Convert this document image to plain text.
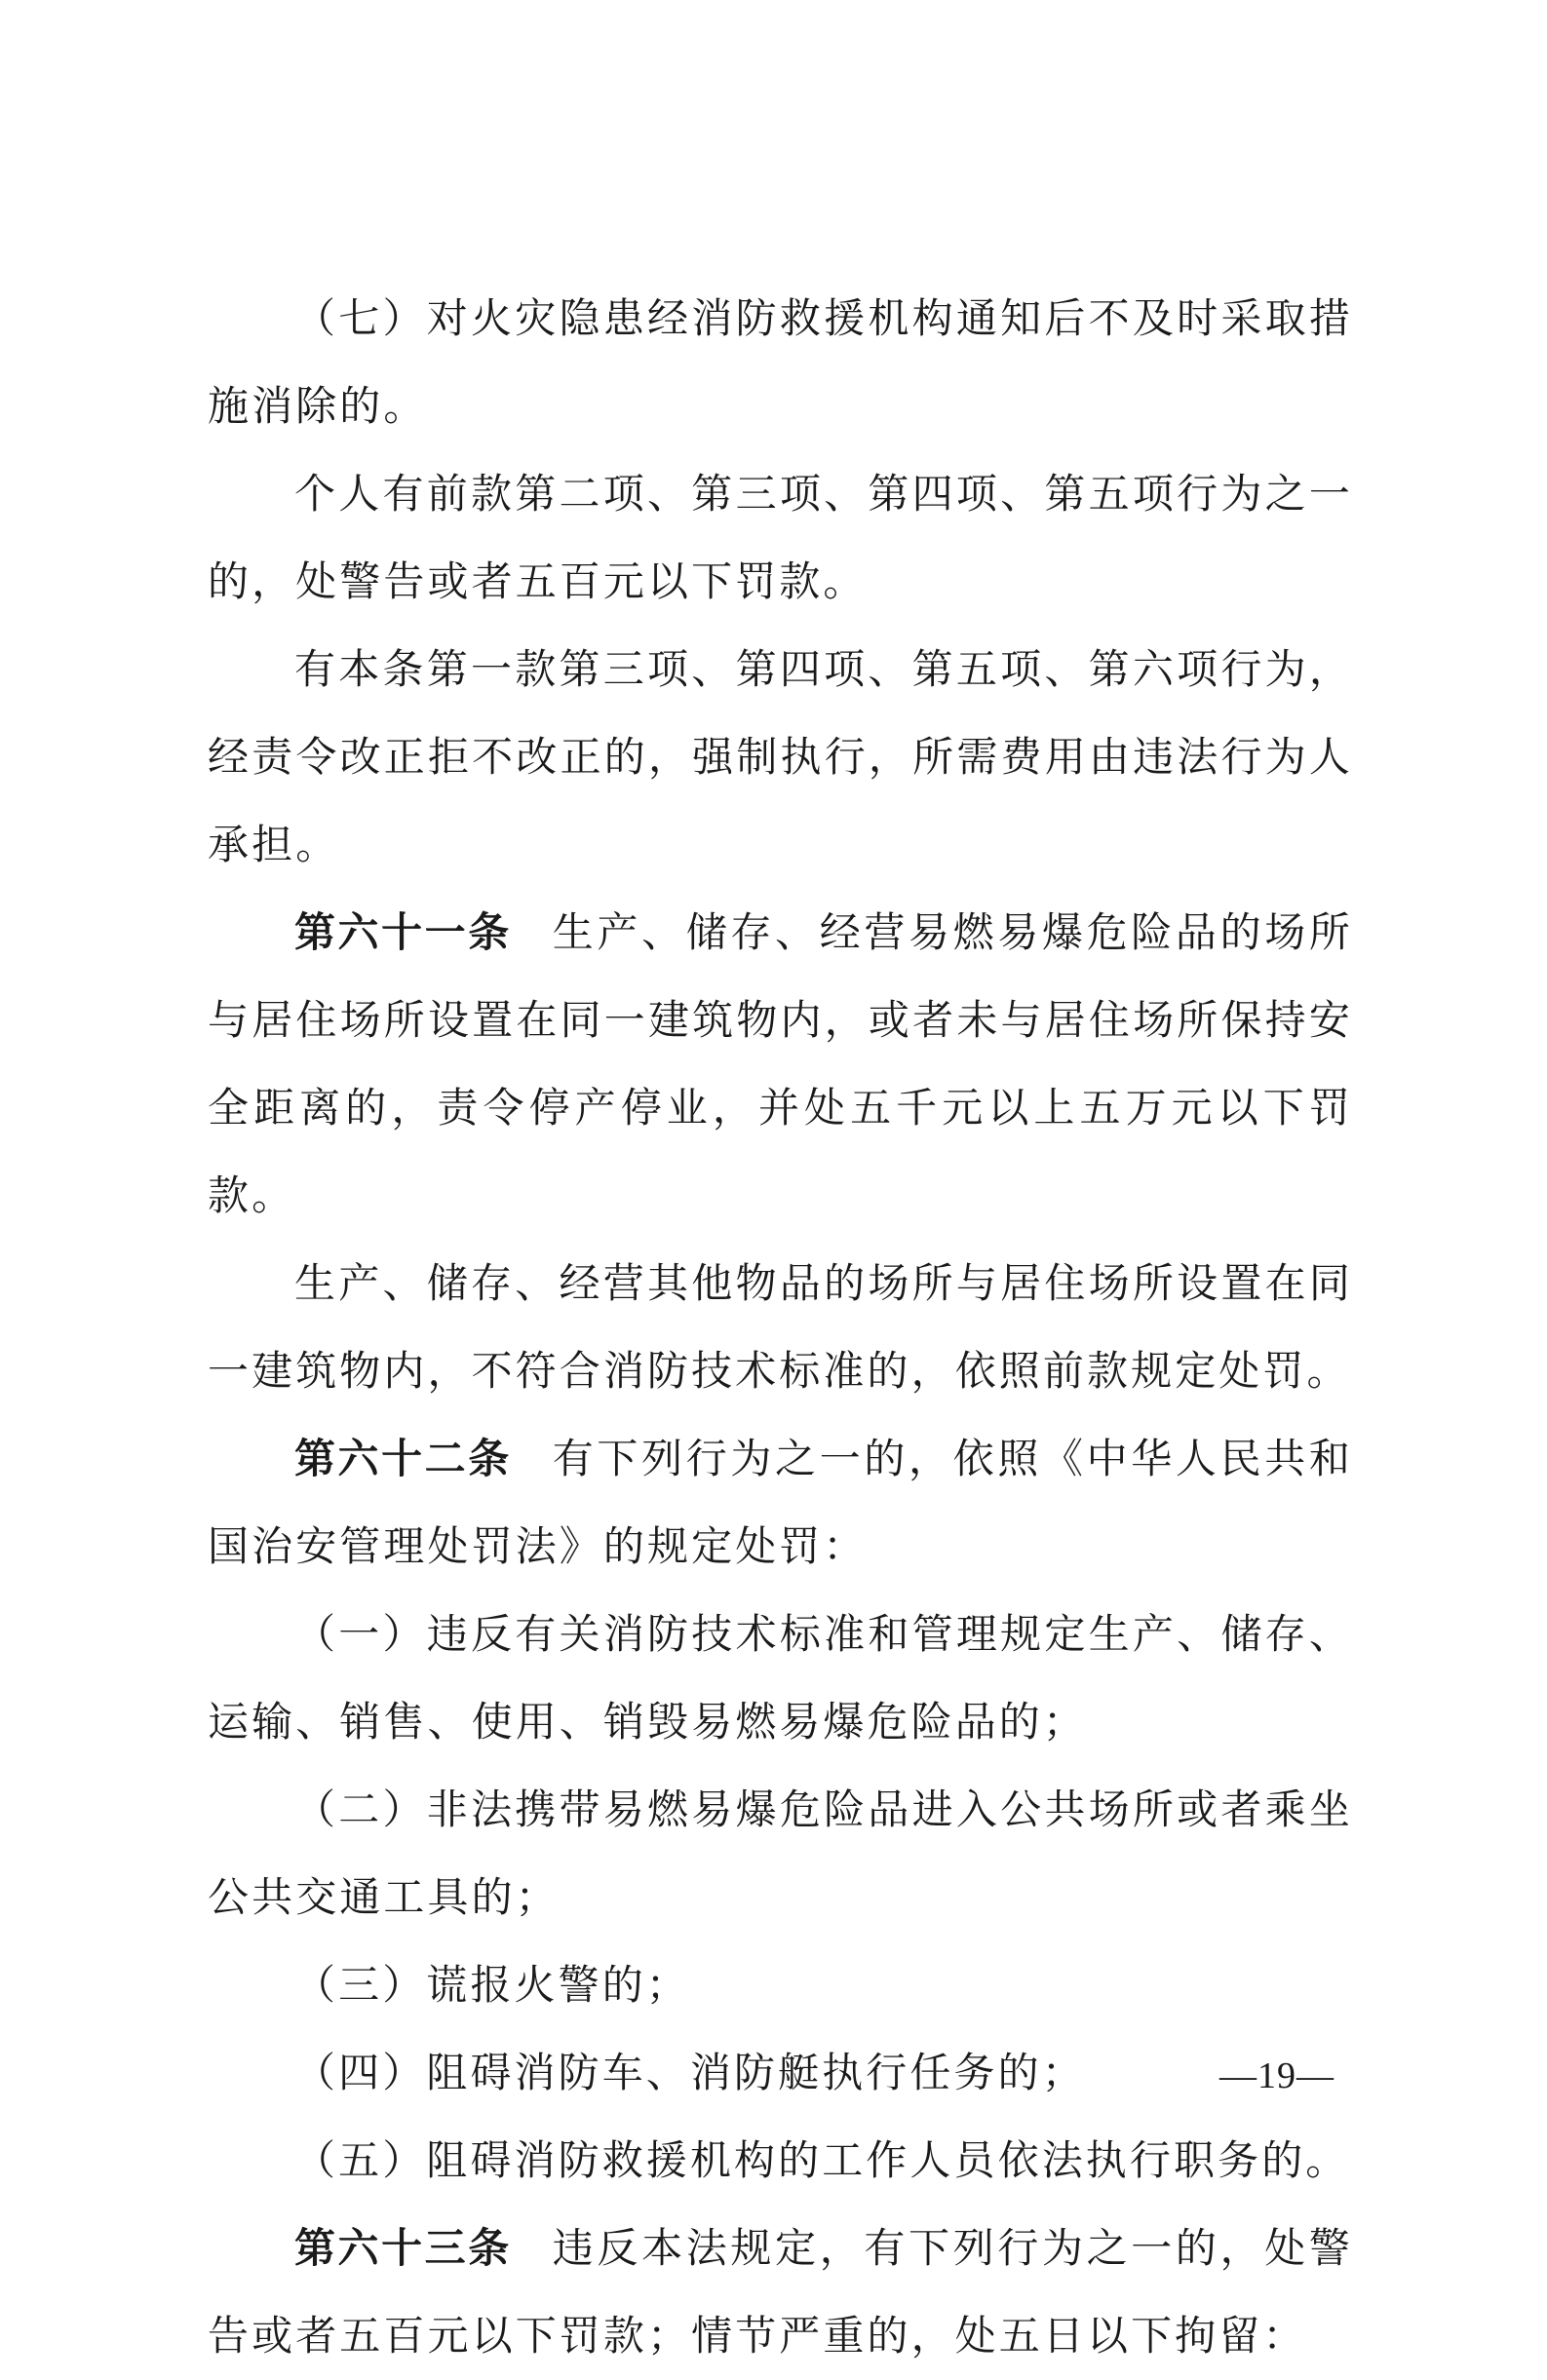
（七）对火灾隐患经消防救援机构通知后不及时采取措施消除的。

个人有前款第二项、第三项、第四项、第五项行为之一的，处警告或者五百元以下罚款。

有本条第一款第三项、第四项、第五项、第六项行为，经责令改正拒不改正的，强制执行，所需费用由违法行为人承担。

第六十一条 生产、储存、经营易燃易爆危险品的场所与居住场所设置在同一建筑物内，或者未与居住场所保持安全距离的，责令停产停业，并处五千元以上五万元以下罚款。

生产、储存、经营其他物品的场所与居住场所设置在同一建筑物内，不符合消防技术标准的，依照前款规定处罚。

第六十二条 有下列行为之一的，依照《中华人民共和国治安管理处罚法》的规定处罚：

（一）违反有关消防技术标准和管理规定生产、储存、运输、销售、使用、销毁易燃易爆危险品的；

（二）非法携带易燃易爆危险品进入公共场所或者乘坐公共交通工具的；

（三）谎报火警的；

（四）阻碍消防车、消防艇执行任务的；

（五）阻碍消防救援机构的工作人员依法执行职务的。

第六十三条 违反本法规定，有下列行为之一的，处警告或者五百元以下罚款；情节严重的，处五日以下拘留：

—19—
